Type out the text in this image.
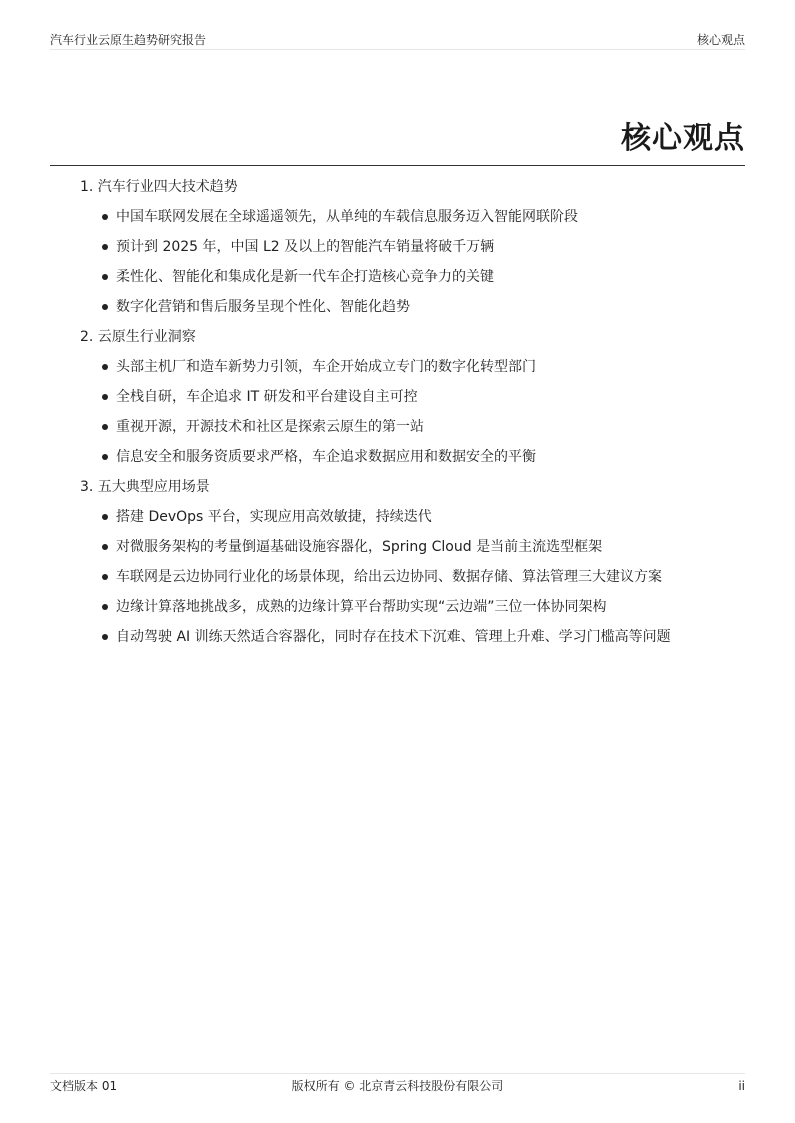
汽车行业云原生趋势研究报告	核心观点
核心观点
1. 汽车行业四大技术趋势
中国车联网发展在全球遥遥领先，从单纯的车载信息服务迈入智能网联阶段
预计到 2025 年，中国 L2 及以上的智能汽车销量将破千万辆
柔性化、智能化和集成化是新一代车企打造核心竞争力的关键
数字化营销和售后服务呈现个性化、智能化趋势
2. 云原生行业洞察
头部主机厂和造车新势力引领，车企开始成立专门的数字化转型部门
全栈自研，车企追求 IT 研发和平台建设自主可控
重视开源，开源技术和社区是探索云原生的第一站
信息安全和服务资质要求严格，车企追求数据应用和数据安全的平衡
3. 五大典型应用场景
搭建 DevOps 平台，实现应用高效敏捷，持续迭代
对微服务架构的考量倒逼基础设施容器化，Spring Cloud 是当前主流选型框架
车联网是云边协同行业化的场景体现，给出云边协同、数据存储、算法管理三大建议方案
边缘计算落地挑战多，成熟的边缘计算平台帮助实现“云边端”三位一体协同架构
自动驾驶 AI 训练天然适合容器化，同时存在技术下沉难、管理上升难、学习门槛高等问题
文档版本 01	版权所有 © 北京青云科技股份有限公司	ii
